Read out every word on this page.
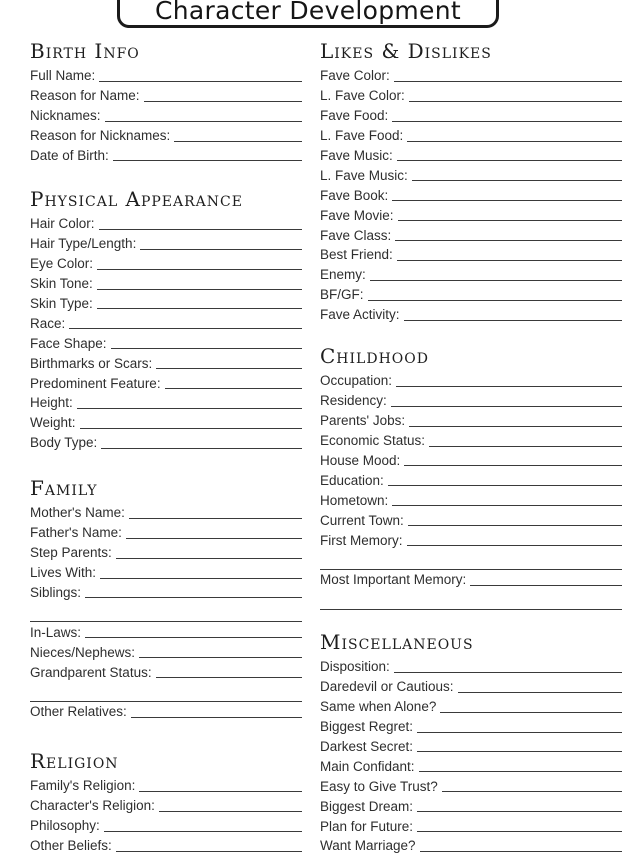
Character Development
Birth Info
Full Name:
Reason for Name:
Nicknames:
Reason for Nicknames:
Date of Birth:
Physical Appearance
Hair Color:
Hair Type/Length:
Eye Color:
Skin Tone:
Skin Type:
Race:
Face Shape:
Birthmarks or Scars:
Predominent Feature:
Height:
Weight:
Body Type:
Family
Mother's Name:
Father's Name:
Step Parents:
Lives With:
Siblings:
In-Laws:
Nieces/Nephews:
Grandparent Status:
Other Relatives:
Religion
Family's Religion:
Character's Religion:
Philosophy:
Other Beliefs:
Likes & Dislikes
Fave Color:
L. Fave Color:
Fave Food:
L. Fave Food:
Fave Music:
L. Fave Music:
Fave Book:
Fave Movie:
Fave Class:
Best Friend:
Enemy:
BF/GF:
Fave Activity:
Childhood
Occupation:
Residency:
Parents' Jobs:
Economic Status:
House Mood:
Education:
Hometown:
Current Town:
First Memory:
Most Important Memory:
Miscellaneous
Disposition:
Daredevil or Cautious:
Same when Alone?
Biggest Regret:
Darkest Secret:
Main Confidant:
Easy to Give Trust?
Biggest Dream:
Plan for Future:
Want Marriage?
